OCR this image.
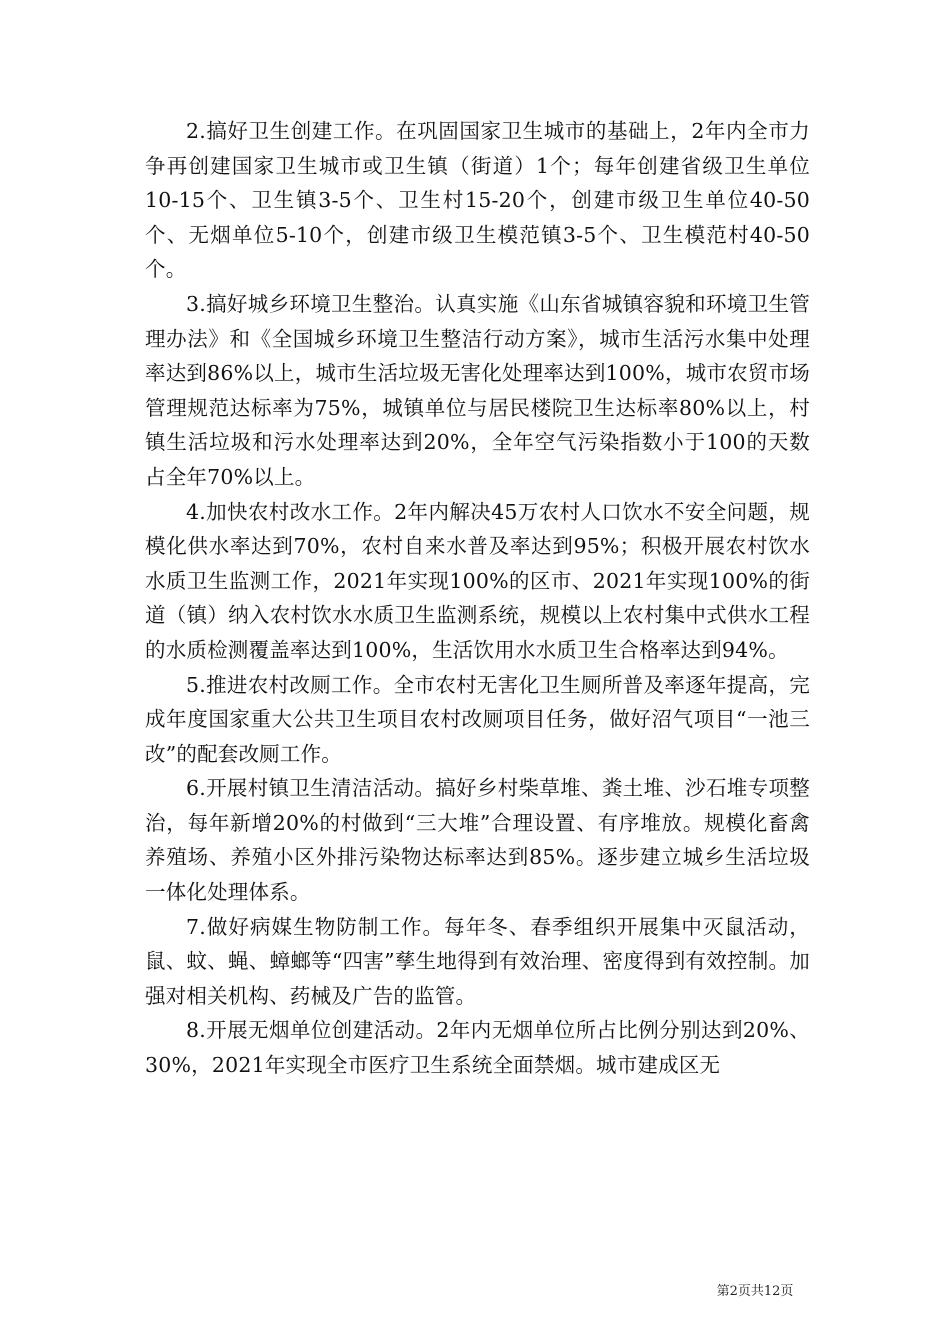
2.搞好卫生创建工作。在巩固国家卫生城市的基础上，2年内全市力争再创建国家卫生城市或卫生镇（街道）1个；每年创建省级卫生单位10-15个、卫生镇3-5个、卫生村15-20个，创建市级卫生单位40-50个、无烟单位5-10个，创建市级卫生模范镇3-5个、卫生模范村40-50个。

3.搞好城乡环境卫生整治。认真实施《山东省城镇容貌和环境卫生管理办法》和《全国城乡环境卫生整洁行动方案》，城市生活污水集中处理率达到86%以上，城市生活垃圾无害化处理率达到100%，城市农贸市场管理规范达标率为75%，城镇单位与居民楼院卫生达标率80%以上，村镇生活垃圾和污水处理率达到20%，全年空气污染指数小于100的天数占全年70%以上。

4.加快农村改水工作。2年内解决45万农村人口饮水不安全问题，规模化供水率达到70%，农村自来水普及率达到95%；积极开展农村饮水水质卫生监测工作，2021年实现100%的区市、2021年实现100%的街道（镇）纳入农村饮水水质卫生监测系统，规模以上农村集中式供水工程的水质检测覆盖率达到100%，生活饮用水水质卫生合格率达到94%。

5.推进农村改厕工作。全市农村无害化卫生厕所普及率逐年提高，完成年度国家重大公共卫生项目农村改厕项目任务，做好沼气项目“一池三改”的配套改厕工作。

6.开展村镇卫生清洁活动。搞好乡村柴草堆、粪土堆、沙石堆专项整治，每年新增20%的村做到“三大堆”合理设置、有序堆放。规模化畜禽养殖场、养殖小区外排污染物达标率达到85%。逐步建立城乡生活垃圾一体化处理体系。

7.做好病媒生物防制工作。每年冬、春季组织开展集中灭鼠活动，鼠、蚊、蝇、蟑螂等“四害”孳生地得到有效治理、密度得到有效控制。加强对相关机构、药械及广告的监管。

8.开展无烟单位创建活动。2年内无烟单位所占比例分别达到20%、30%，2021年实现全市医疗卫生系统全面禁烟。城市建成区无

第2页共12页
